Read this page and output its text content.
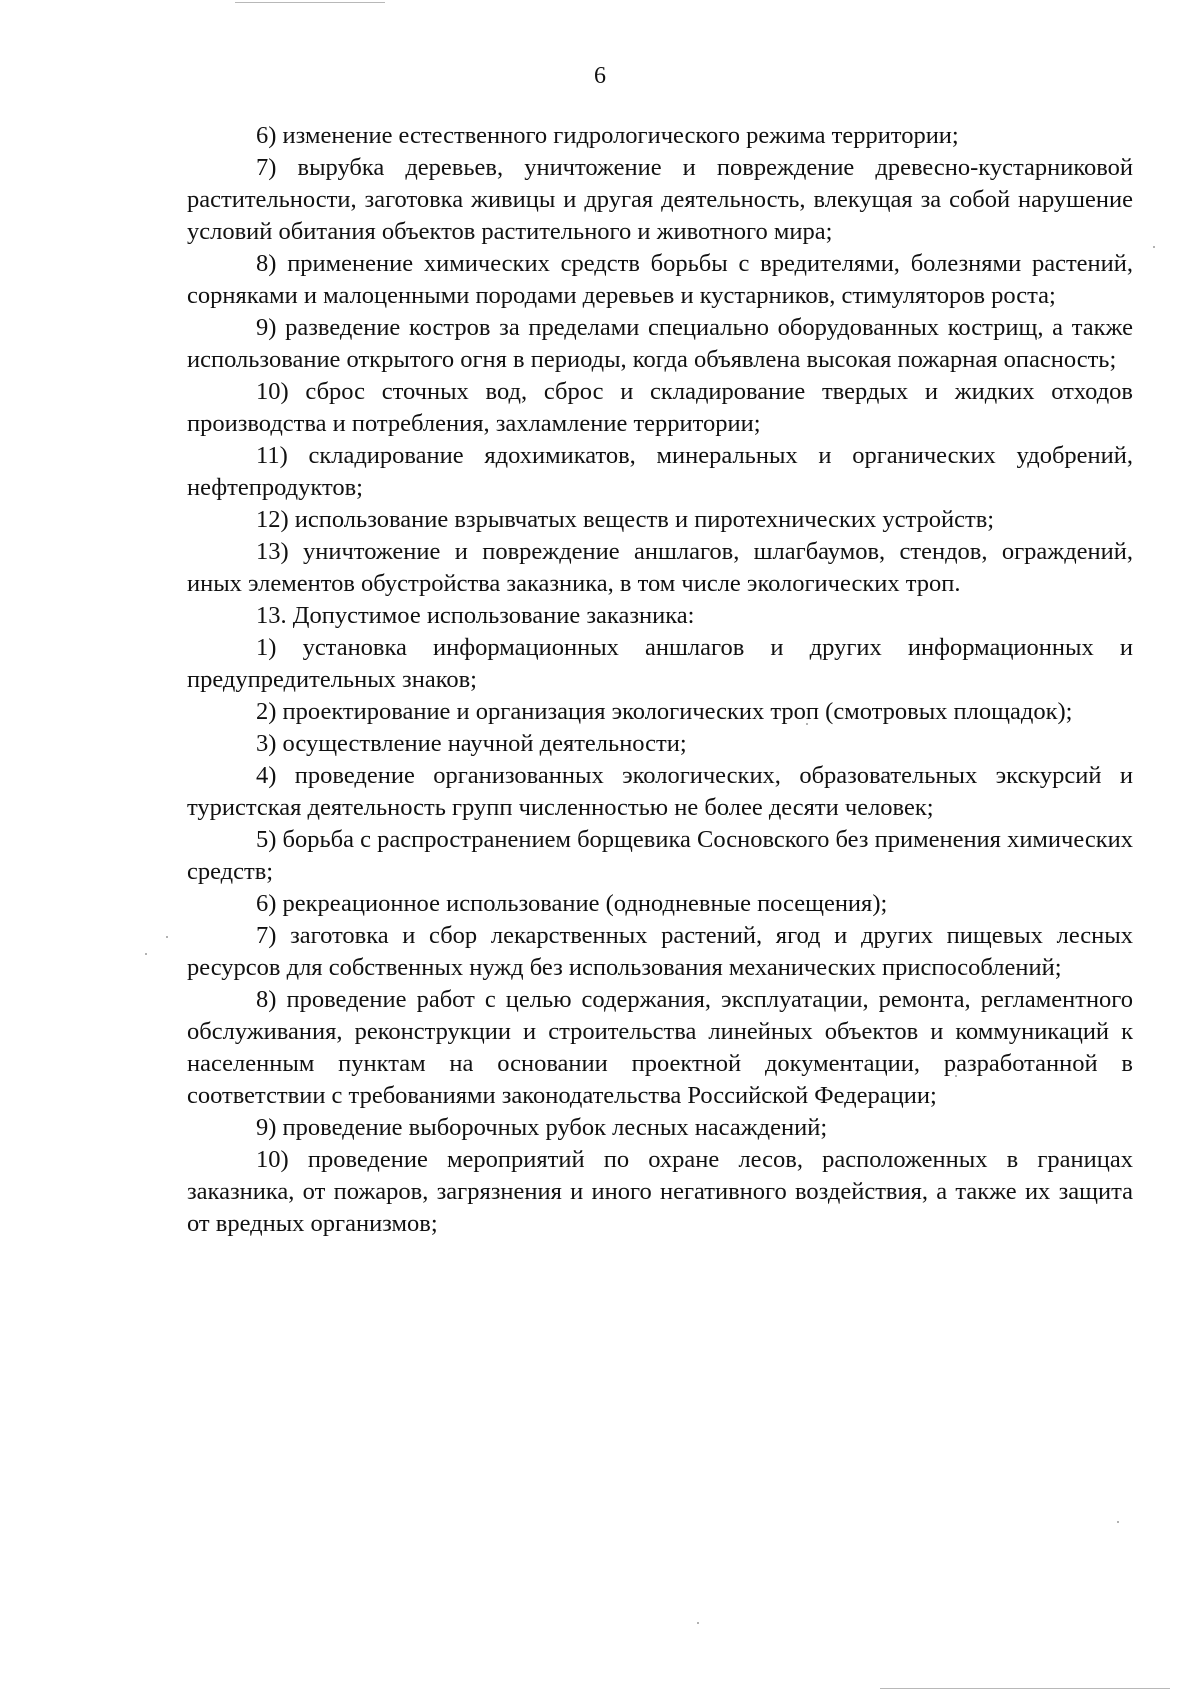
6

6) изменение естественного гидрологического режима территории;

7) вырубка деревьев, уничтожение и повреждение древесно-кустарниковой растительности, заготовка живицы и другая деятельность, влекущая за собой нарушение условий обитания объектов растительного и животного мира;

8) применение химических средств борьбы с вредителями, болезнями растений, сорняками и малоценными породами деревьев и кустарников, стимуляторов роста;

9) разведение костров за пределами специально оборудованных кострищ, а также использование открытого огня в периоды, когда объявлена высокая пожарная опасность;

10) сброс сточных вод, сброс и складирование твердых и жидких отходов производства и потребления, захламление территории;

11) складирование ядохимикатов, минеральных и органических удобрений, нефтепродуктов;

12) использование взрывчатых веществ и пиротехнических устройств;

13) уничтожение и повреждение аншлагов, шлагбаумов, стендов, ограждений, иных элементов обустройства заказника, в том числе экологических троп.

13. Допустимое использование заказника:

1) установка информационных аншлагов и других информационных и предупредительных знаков;

2) проектирование и организация экологических троп (смотровых площадок);

3) осуществление научной деятельности;

4) проведение организованных экологических, образовательных экскурсий и туристская деятельность групп численностью не более десяти человек;

5) борьба с распространением борщевика Сосновского без применения химических средств;

6) рекреационное использование (однодневные посещения);

7) заготовка и сбор лекарственных растений, ягод и других пищевых лесных ресурсов для собственных нужд без использования механических приспособлений;

8) проведение работ с целью содержания, эксплуатации, ремонта, регламентного обслуживания, реконструкции и строительства линейных объектов и коммуникаций к населенным пунктам на основании проектной документации, разработанной в соответствии с требованиями законодательства Российской Федерации;

9) проведение выборочных рубок лесных насаждений;

10) проведение мероприятий по охране лесов, расположенных в границах заказника, от пожаров, загрязнения и иного негативного воздействия, а также их защита от вредных организмов;
